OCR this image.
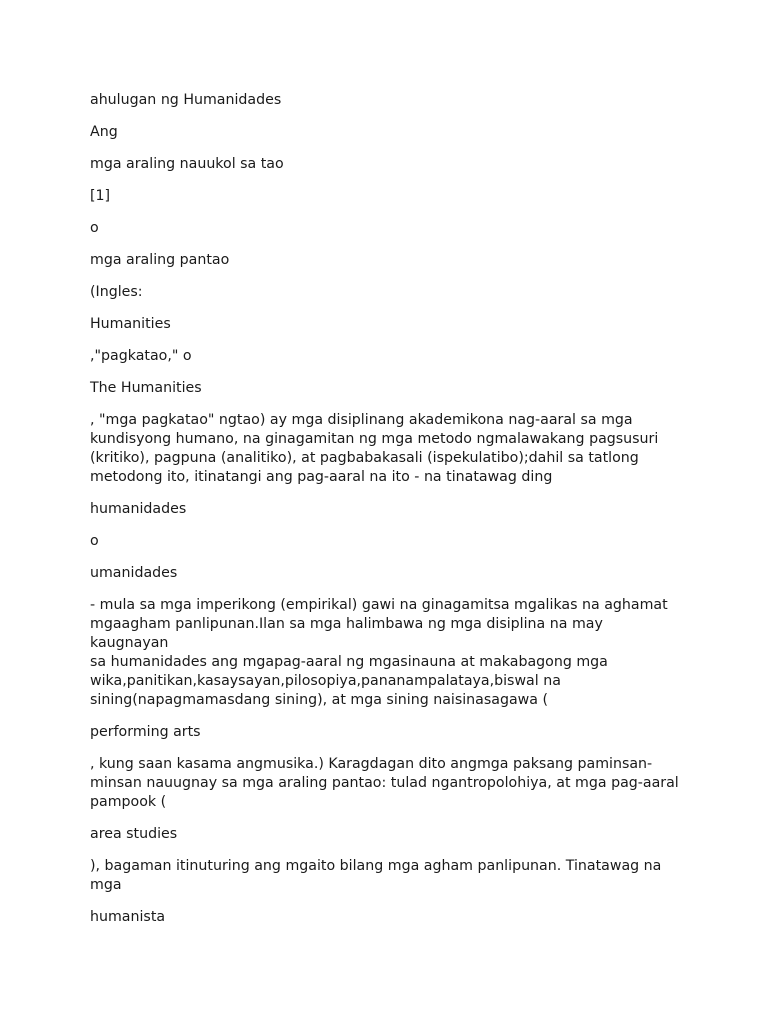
ahulugan ng Humanidades

Ang

mga araling nauukol sa tao

[1]

o

mga araling pantao

(Ingles:

Humanities

,"pagkatao," o

The Humanities

, "mga pagkatao" ngtao) ay mga disiplinang akademikona nag-aaral sa mga
kundisyong humano, na ginagamitan ng mga metodo ngmalawakang pagsusuri
(kritiko), pagpuna (analitiko), at pagbabakasali (ispekulatibo);dahil sa tatlong
metodong ito, itinatangi ang pag-aaral na ito - na tinatawag ding

humanidades

o

umanidades

- mula sa mga imperikong (empirikal) gawi na ginagamitsa mgalikas na aghamat
mgaagham panlipunan.Ilan sa mga halimbawa ng mga disiplina na may kaugnayan
sa humanidades ang mgapag-aaral ng mgasinauna at makabagong mga
wika,panitikan,kasaysayan,pilosopiya,pananampalataya,biswal na
sining(napagmamasdang sining), at mga sining naisinasagawa (

performing arts

, kung saan kasama angmusika.) Karagdagan dito angmga paksang paminsan-
minsan nauugnay sa mga araling pantao: tulad ngantropolohiya, at mga pag-aaral
pampook (

area studies

), bagaman itinuturing ang mgaito bilang mga agham panlipunan. Tinatawag na
mga

humanista
